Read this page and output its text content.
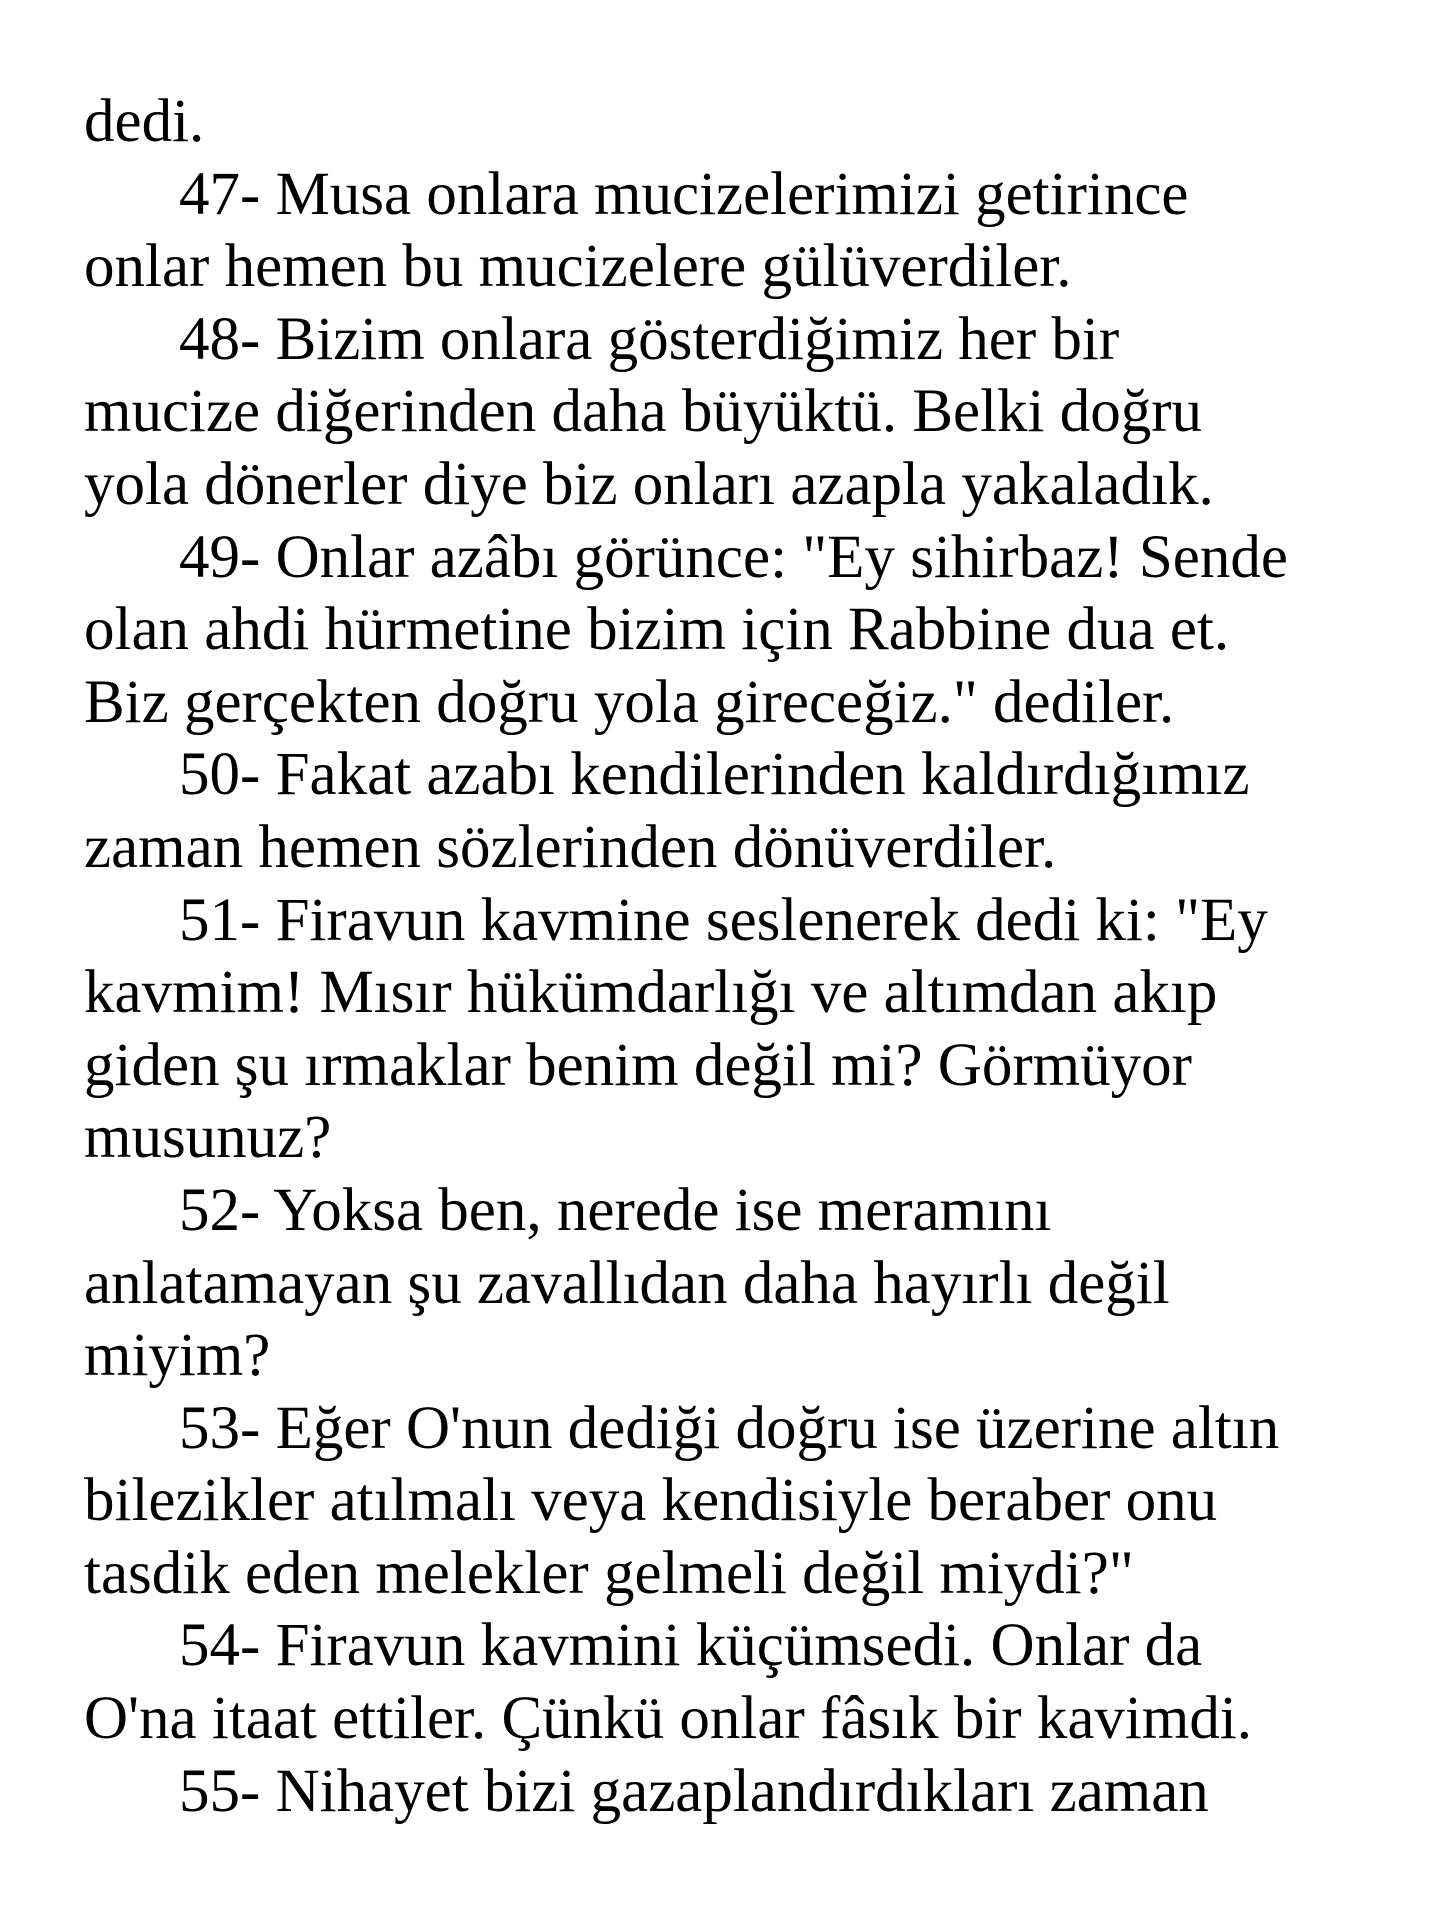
dedi.
47- Musa onlara mucizelerimizi getirince
onlar hemen bu mucizelere gülüverdiler.
48- Bizim onlara gösterdiğimiz her bir
mucize diğerinden daha büyüktü. Belki doğru
yola dönerler diye biz onları azapla yakaladık.
49- Onlar azâbı görünce: "Ey sihirbaz! Sende
olan ahdi hürmetine bizim için Rabbine dua et.
Biz gerçekten doğru yola gireceğiz." dediler.
50- Fakat azabı kendilerinden kaldırdığımız
zaman hemen sözlerinden dönüverdiler.
51- Firavun kavmine seslenerek dedi ki: "Ey
kavmim! Mısır hükümdarlığı ve altımdan akıp
giden şu ırmaklar benim değil mi? Görmüyor
musunuz?
52- Yoksa ben, nerede ise meramını
anlatamayan şu zavallıdan daha hayırlı değil
miyim?
53- Eğer O'nun dediği doğru ise üzerine altın
bilezikler atılmalı veya kendisiyle beraber onu
tasdik eden melekler gelmeli değil miydi?"
54- Firavun kavmini küçümsedi. Onlar da
O'na itaat ettiler. Çünkü onlar fâsık bir kavimdi.
55- Nihayet bizi gazaplandırdıkları zaman
